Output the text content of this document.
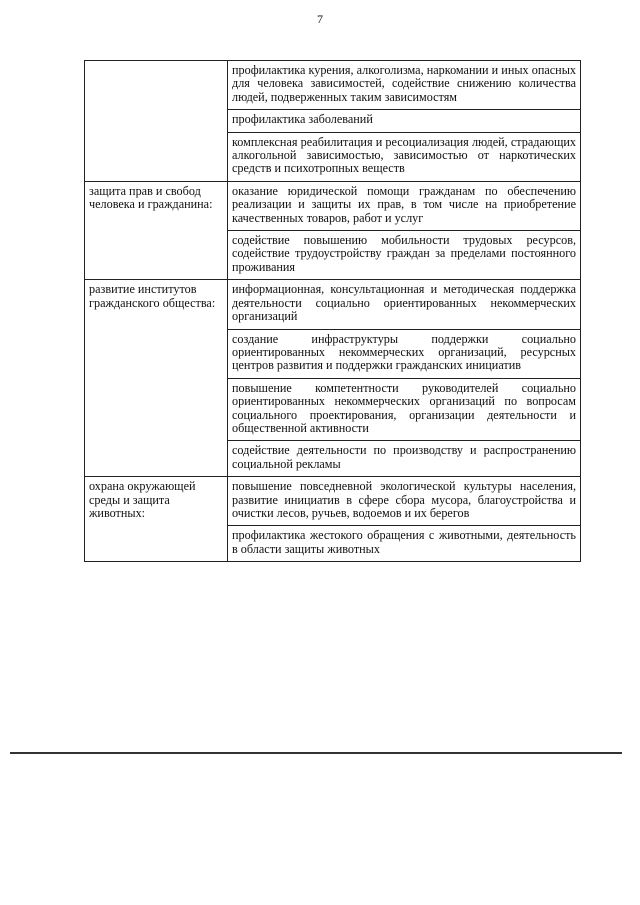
7
	профилактика курения, алкоголизма, наркомании и иных опасных для человека зависимостей, содействие снижению количества людей, подверженных таким зависимостям
	профилактика заболеваний
	комплексная реабилитация и ресоциализация людей, страдающих алкогольной зависимостью, зависимостью от наркотических средств и психотропных веществ
защита прав и свобод человека и гражданина:	оказание юридической помощи гражданам по обеспечению реализации и защиты их прав, в том числе на приобретение качественных товаров, работ и услуг
	содействие повышению мобильности трудовых ресурсов, содействие трудоустройству граждан за пределами постоянного проживания
развитие институтов гражданского общества:	информационная, консультационная и методическая поддержка деятельности социально ориентированных некоммерческих организаций
	создание инфраструктуры поддержки социально ориентированных некоммерческих организаций, ресурсных центров развития и поддержки гражданских инициатив
	повышение компетентности руководителей социально ориентированных некоммерческих организаций по вопросам социального проектирования, организации деятельности и общественной активности
	содействие деятельности по производству и распространению социальной рекламы
охрана окружающей среды и защита животных:	повышение повседневной экологической культуры населения, развитие инициатив в сфере сбора мусора, благоустройства и очистки лесов, ручьев, водоемов и их берегов
	профилактика жестокого обращения с животными, деятельность в области защиты животных
